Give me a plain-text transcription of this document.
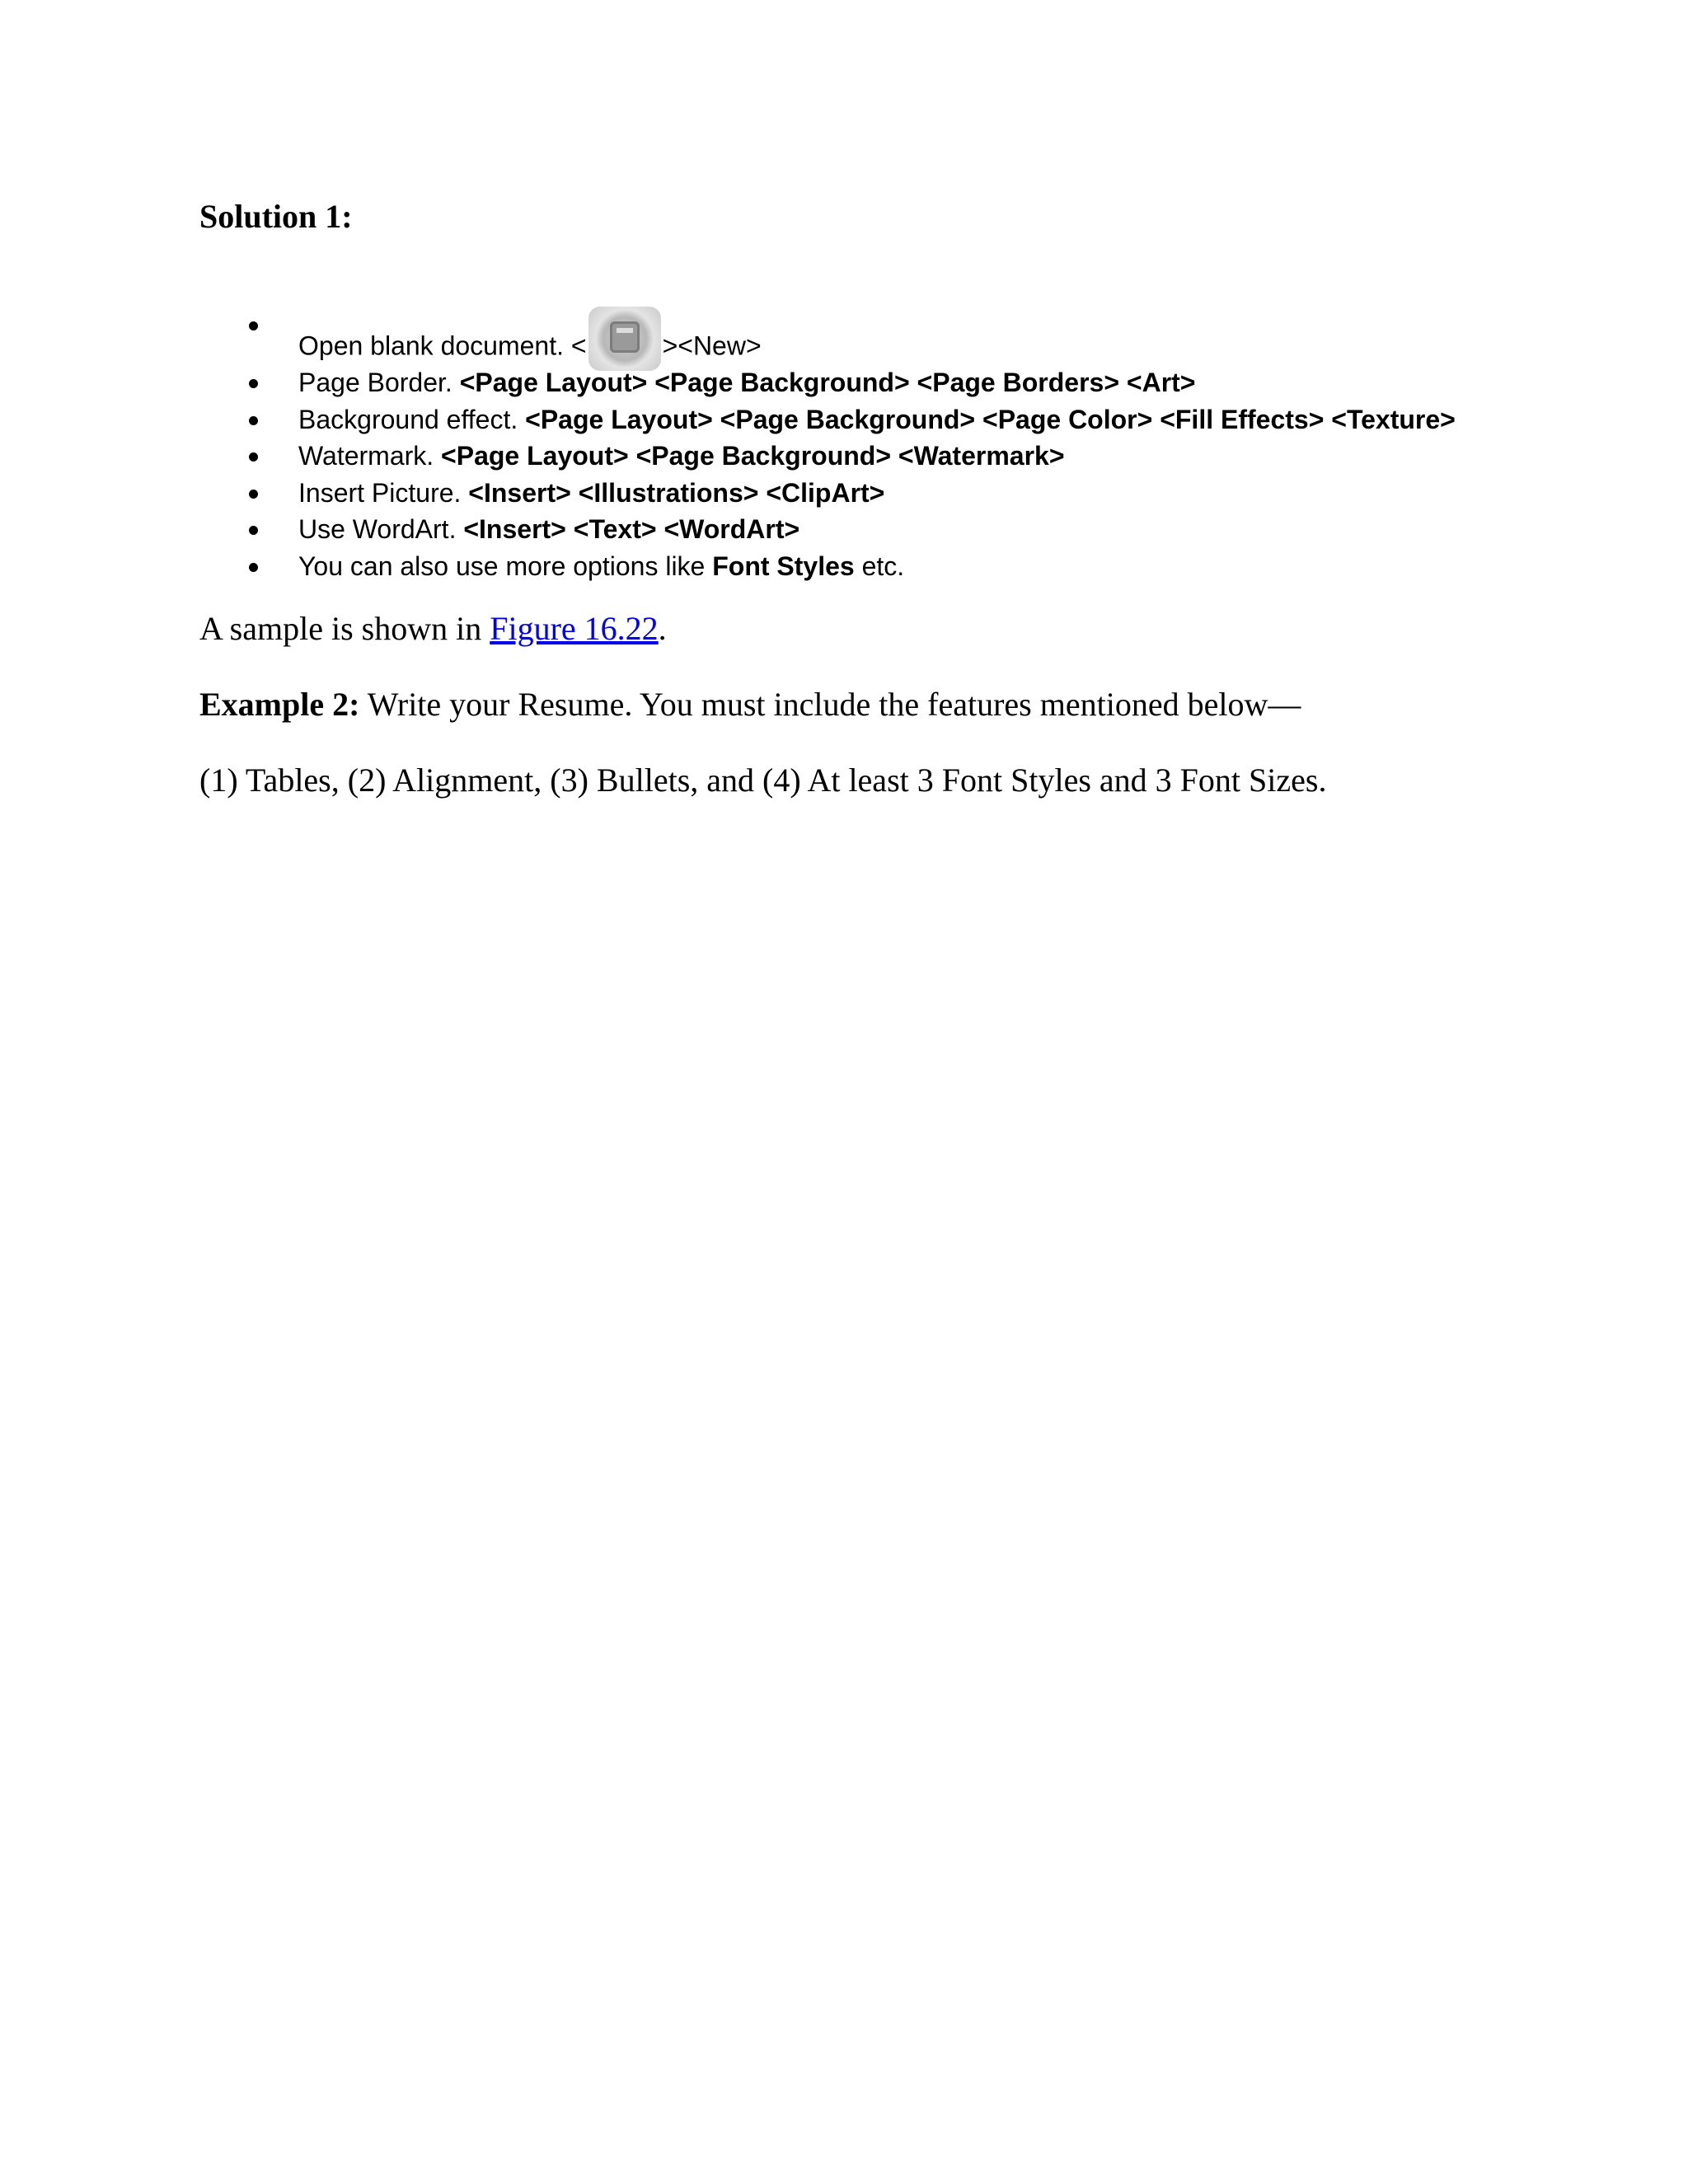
Solution 1:
Open blank document. <	><New>
Page Border. <Page Layout> <Page Background> <Page Borders> <Art>
Background effect. <Page Layout> <Page Background> <Page Color> <Fill Effects> <Texture>
Watermark. <Page Layout> <Page Background> <Watermark>
Insert Picture. <Insert> <Illustrations> <ClipArt>
Use WordArt. <Insert> <Text> <WordArt>
You can also use more options like Font Styles etc.

A sample is shown in Figure 16.22.

Example 2: Write your Resume. You must include the features mentioned below—

(1) Tables, (2) Alignment, (3) Bullets, and (4) At least 3 Font Styles and 3 Font Sizes.
